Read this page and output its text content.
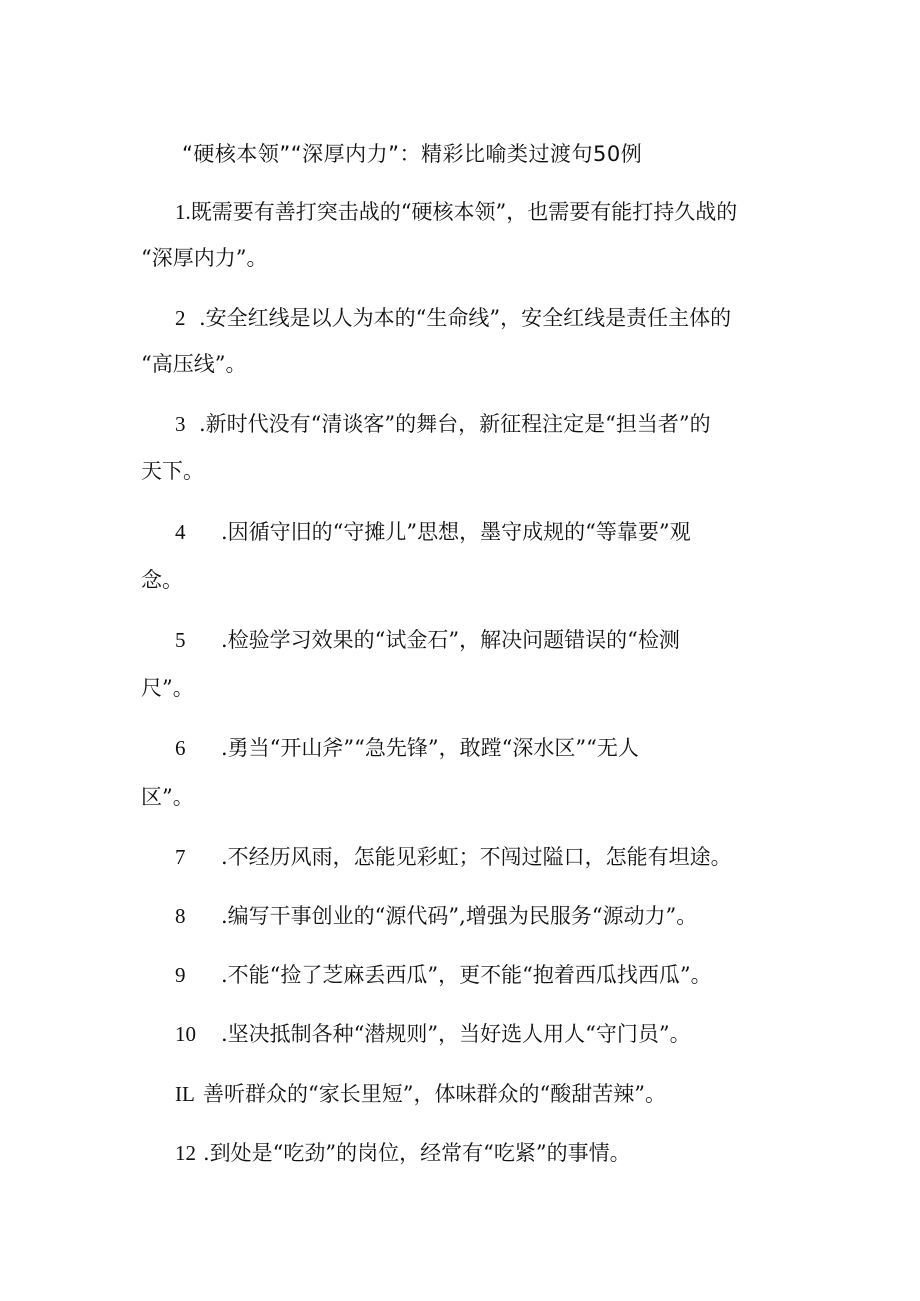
“硬核本领”“深厚内力”：精彩比喻类过渡句50例
1.既需要有善打突击战的“硬核本领”，也需要有能打持久战的
“深厚内力”。
2 .安全红线是以人为本的“生命线”，安全红线是责任主体的
“高压线”。
3 .新时代没有“清谈客”的舞台，新征程注定是“担当者”的
天下。
4 .因循守旧的“守摊儿”思想，墨守成规的“等靠要”观
念。
5 .检验学习效果的“试金石”，解决问题错误的“检测
尺”。
6 .勇当“开山斧”“急先锋”，敢蹚“深水区”“无人
区”。
7 .不经历风雨，怎能见彩虹；不闯过隘口，怎能有坦途。
8 .编写干事创业的“源代码”,增强为民服务“源动力”。
9 .不能“捡了芝麻丢西瓜”，更不能“抱着西瓜找西瓜”。
10 .坚决抵制各种“潜规则”，当好选人用人“守门员”。
IL 善听群众的“家长里短”，体味群众的“酸甜苦辣”。
12 .到处是“吃劲”的岗位，经常有“吃紧”的事情。
